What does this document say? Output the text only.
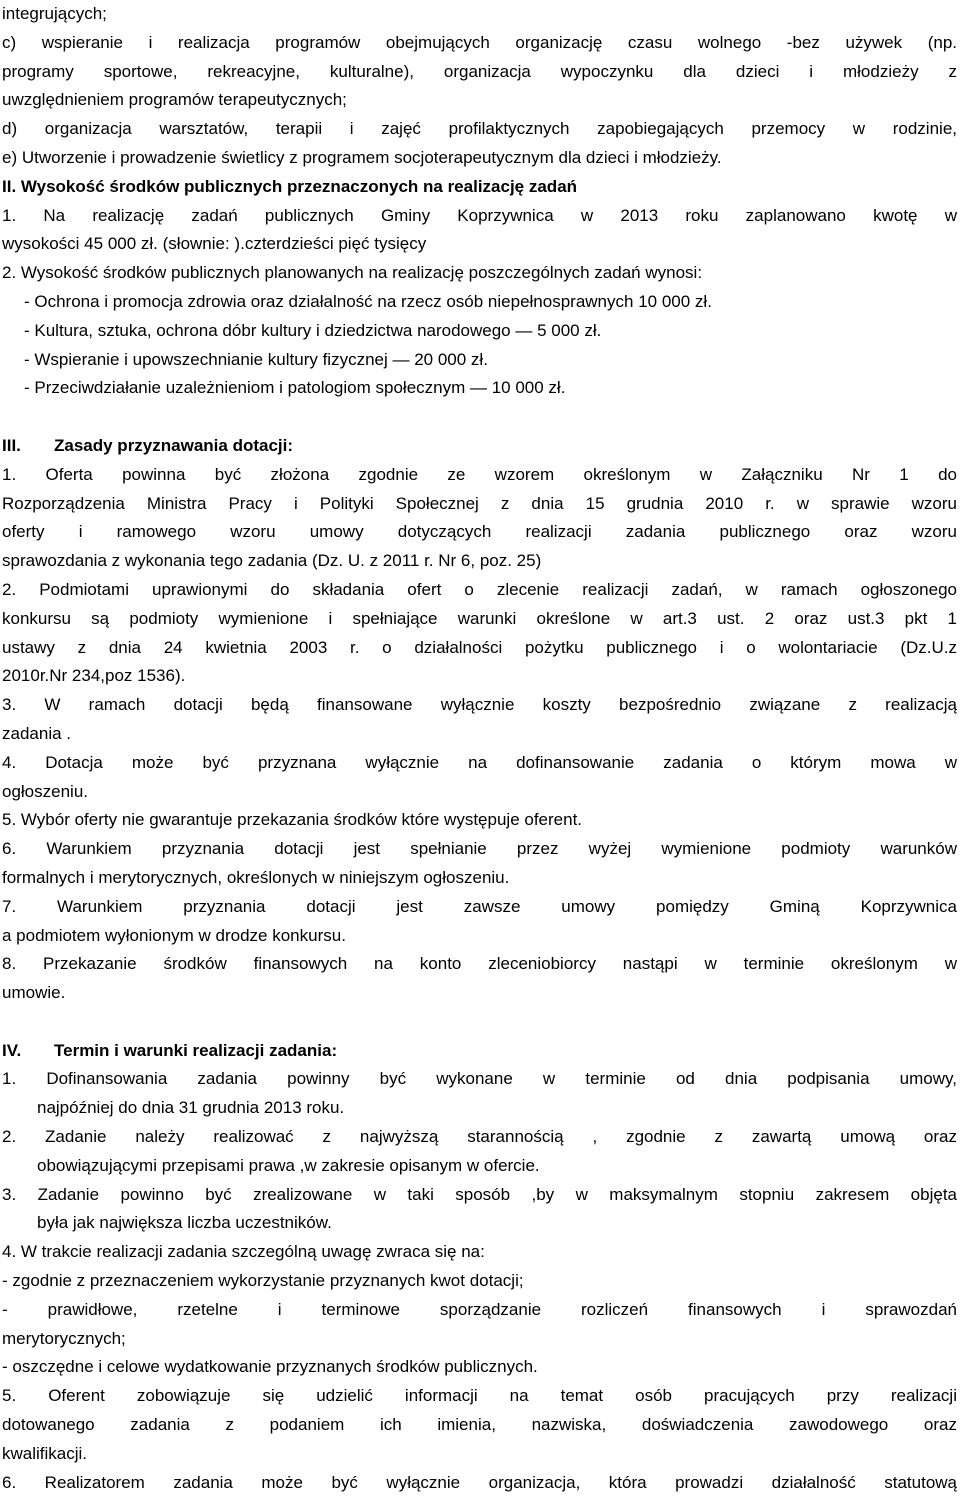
integrujących;
c) wspieranie i realizacja programów obejmujących organizację czasu wolnego -bez używek (np.
programy sportowe, rekreacyjne, kulturalne), organizacja wypoczynku dla dzieci i młodzieży z
uwzględnieniem programów terapeutycznych;
d) organizacja warsztatów, terapii i zajęć profilaktycznych zapobiegających przemocy w rodzinie,
e) Utworzenie i prowadzenie świetlicy z programem socjoterapeutycznym dla dzieci i młodzieży.
II. Wysokość środków publicznych przeznaczonych na realizację zadań
1. Na realizację zadań publicznych Gminy Koprzywnica w 2013 roku zaplanowano kwotę w
wysokości 45 000 zł. (słownie: ).czterdzieści pięć tysięcy
2. Wysokość środków publicznych planowanych na realizację poszczególnych zadań wynosi:
- Ochrona i promocja zdrowia oraz działalność na rzecz osób niepełnosprawnych 10 000 zł.
- Kultura, sztuka, ochrona dóbr kultury i dziedzictwa narodowego — 5 000 zł.
- Wspieranie i upowszechnianie kultury fizycznej — 20 000 zł.
- Przeciwdziałanie uzależnieniom i patologiom społecznym — 10 000 zł.
III. Zasady przyznawania dotacji:
1. Oferta powinna być złożona zgodnie ze wzorem określonym w Załączniku Nr 1 do
Rozporządzenia Ministra Pracy i Polityki Społecznej z dnia 15 grudnia 2010 r. w sprawie wzoru
oferty i ramowego wzoru umowy dotyczących realizacji zadania publicznego oraz wzoru
sprawozdania z wykonania tego zadania (Dz. U. z 2011 r. Nr 6, poz. 25)
2. Podmiotami uprawionymi do składania ofert o zlecenie realizacji zadań, w ramach ogłoszonego
konkursu są podmioty wymienione i spełniające warunki określone w art.3 ust. 2 oraz ust.3 pkt 1
ustawy z dnia 24 kwietnia 2003 r. o działalności pożytku publicznego i o wolontariacie (Dz.U.z
2010r.Nr 234,poz 1536).
3. W ramach dotacji będą finansowane wyłącznie koszty bezpośrednio związane z realizacją
zadania .
4. Dotacja może być przyznana wyłącznie na dofinansowanie zadania o którym mowa w
ogłoszeniu.
5. Wybór oferty nie gwarantuje przekazania środków które występuje oferent.
6. Warunkiem przyznania dotacji jest spełnianie przez wyżej wymienione podmioty warunków
formalnych i merytorycznych, określonych w niniejszym ogłoszeniu.
7. Warunkiem przyznania dotacji jest zawsze umowy pomiędzy Gminą Koprzywnica
a podmiotem wyłonionym w drodze konkursu.
8. Przekazanie środków finansowych na konto zleceniobiorcy nastąpi w terminie określonym w
umowie.
IV. Termin i warunki realizacji zadania:
1. Dofinansowania zadania powinny być wykonane w terminie od dnia podpisania umowy,
najpóźniej do dnia 31 grudnia 2013 roku.
2. Zadanie należy realizować z najwyższą starannością , zgodnie z zawartą umową oraz
obowiązującymi przepisami prawa ,w zakresie opisanym w ofercie.
3. Zadanie powinno być zrealizowane w taki sposób ,by w maksymalnym stopniu zakresem objęta
była jak największa liczba uczestników.
4. W trakcie realizacji zadania szczególną uwagę zwraca się na:
- zgodnie z przeznaczeniem wykorzystanie przyznanych kwot dotacji;
- prawidłowe, rzetelne i terminowe sporządzanie rozliczeń finansowych i sprawozdań
merytorycznych;
- oszczędne i celowe wydatkowanie przyznanych środków publicznych.
5. Oferent zobowiązuje się udzielić informacji na temat osób pracujących przy realizacji
dotowanego zadania z podaniem ich imienia, nazwiska, doświadczenia zawodowego oraz
kwalifikacji.
6. Realizatorem zadania może być wyłącznie organizacja, która prowadzi działalność statutową
